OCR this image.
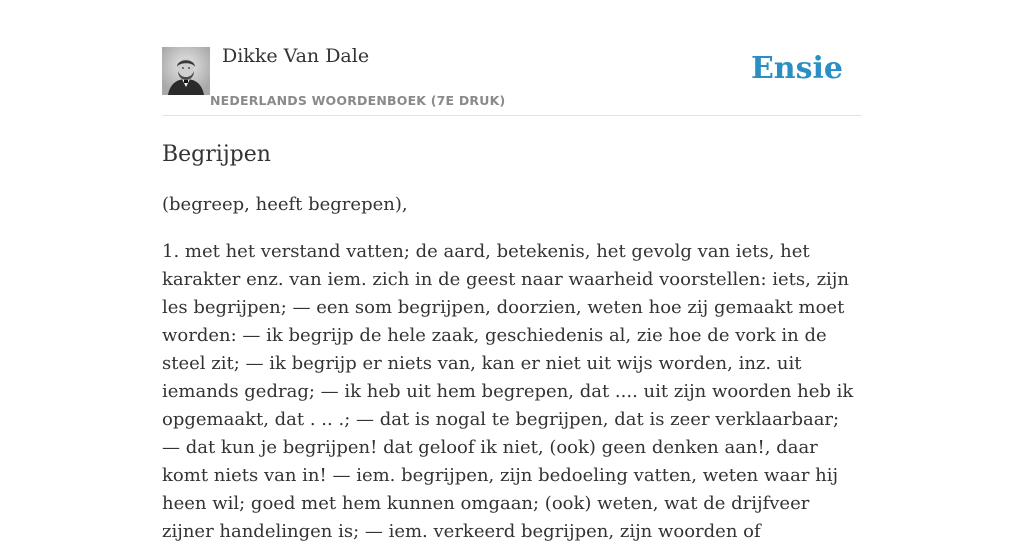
Dikke Van Dale
NEDERLANDS WOORDENBOEK (7E DRUK)
Ensie
Begrijpen

(begreep, heeft begrepen),

1. met het verstand vatten; de aard, betekenis, het gevolg van iets, het karakter enz. van iem. zich in de geest naar waarheid voorstellen: iets, zijn les begrijpen; — een som begrijpen, doorzien, weten hoe zij gemaakt moet worden: — ik begrijp de hele zaak, geschiedenis al, zie hoe de vork in de steel zit; — ik begrijp er niets van, kan er niet uit wijs worden, inz. uit iemands gedrag; — ik heb uit hem begrepen, dat .... uit zijn woorden heb ik opgemaakt, dat . .. .; — dat is nogal te begrijpen, dat is zeer verklaarbaar; — dat kun je begrijpen! dat geloof ik niet, (ook) geen denken aan!, daar komt niets van in! — iem. begrijpen, zijn bedoeling vatten, weten waar hij heen wil; goed met hem kunnen omgaan; (ook) weten, wat de drijfveer zijner handelingen is; — iem. verkeerd begrijpen, zijn woorden of
